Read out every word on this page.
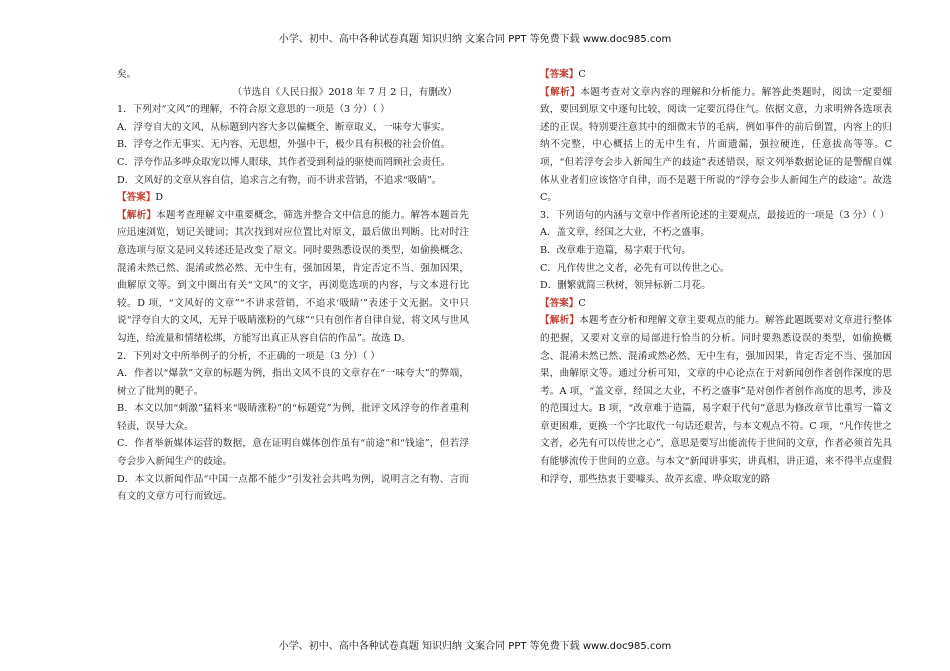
小学、初中、高中各种试卷真题 知识归纳 文案合同 PPT 等免费下载 www.doc985.com

矣。

（节选自《人民日报》2018 年 7 月 2 日，有删改）

1．下列对“文风”的理解，不符合原文意思的一项是（3 分）（ ）

A．浮夸自大的文风，从标题到内容大多以偏概全、断章取义，一味夸大事实。

B．浮夸之作无事实、无内容、无思想，外强中干，极少具有积极的社会价值。

C．浮夸作品多哗众取宠以博人眼球，其作者受到利益的驱使而罔顾社会责任。

D．文风好的文章从容自信，追求言之有物，而不讲求营销，不追求“吸睛”。

【答案】D

【解析】本题考查理解文中重要概念，筛选并整合文中信息的能力。解答本题首先应迅速浏览，划记关键词；其次找到对应位置比对原文，最后做出判断。比对时注意选项与原文是同义转述还是改变了原文。同时要熟悉设误的类型，如偷换概念、混淆未然已然、混淆或然必然、无中生有，强加因果，肯定否定不当、强加因果，曲解原文等。到文中圈出有关“文风”的文字，再浏览选项的内容，与文本进行比较。D 项，“文风好的文章”“不讲求营销，不追求‘吸睛’”表述于文无据。文中只说“浮夸自大的文风，无异于吸睛涨粉的气球”“只有创作者自律自觉，将文风与世风勾连，给流量和情绪松绑，方能写出真正从容自信的作品”。故选 D。

2．下列对文中所举例子的分析，不正确的一项是（3 分）（ ）

A．作者以“爆款”文章的标题为例，指出文风不良的文章存在“一味夸大”的弊端，树立了批判的靶子。

B．本文以加“刺激”猛料来“吸睛涨粉”的“标题党”为例，批评文风浮夸的作者重利轻责，误导大众。

C．作者举新媒体运营的数据，意在证明自媒体创作虽有“前途”和“钱途”，但若浮夸会步入新闻生产的歧途。

D．本文以新闻作品“中国一点都不能少”引发社会共鸣为例，说明言之有物、言而有文的文章方可行而致远。

【答案】C

【解析】本题考查对文章内容的理解和分析能力。解答此类题时，阅读一定要细致，要回到原文中逐句比较，阅读一定要沉得住气。依据文意，力求明辨各选项表述的正误。特别要注意其中的细微末节的毛病，例如事件的前后倒置，内容上的归纳不完整，中心概括上的无中生有，片面遗漏，强拉硬连，任意拔高等等。C 项，“但若浮夸会步入新闻生产的歧途”表述错误，原文列举数据论证的是警醒自媒体从业者们应该恪守自律，而不是题干所说的“浮夸会步人新闻生产的歧途”。故选 C。

3．下列语句的内涵与文章中作者所论述的主要观点，最接近的一项是（3 分）（ ）

A．盖文章，经国之大业，不朽之盛事。

B．改章难于造篇，易字艰于代句。

C．凡作传世之文者，必先有可以传世之心。

D．删繁就简三秋树，领异标新二月花。

【答案】C

【解析】本题考查分析和理解文章主要观点的能力。解答此题既要对文章进行整体的把握，又要对文章的局部进行恰当的分析。同时要熟悉设误的类型，如偷换概念、混淆未然已然、混淆或然必然、无中生有，强加因果，肯定否定不当、强加因果，曲解原文等。通过分析可知，文章的中心论点在于对新闻创作者创作深度的思考。A 项，“盖文章，经国之大业，不朽之盛事”是对创作者创作高度的思考，涉及的范围过大。B 项，“改章难于造篇，易字艰于代句”意思为修改章节比重写一篇文章更困难，更换一个字比取代一句话还艰苦，与本文观点不符。C 项，“凡作传世之文者，必先有可以传世之心”，意思是要写出能流传于世间的文章，作者必须首先具有能够流传于世间的立意。与本文“新闻讲事实，讲真相，讲正道，来不得半点虚假和浮夸，那些热衷于要噱头、故弄玄虚、哗众取宠的路

小学、初中、高中各种试卷真题 知识归纳 文案合同 PPT 等免费下载 www.doc985.com
